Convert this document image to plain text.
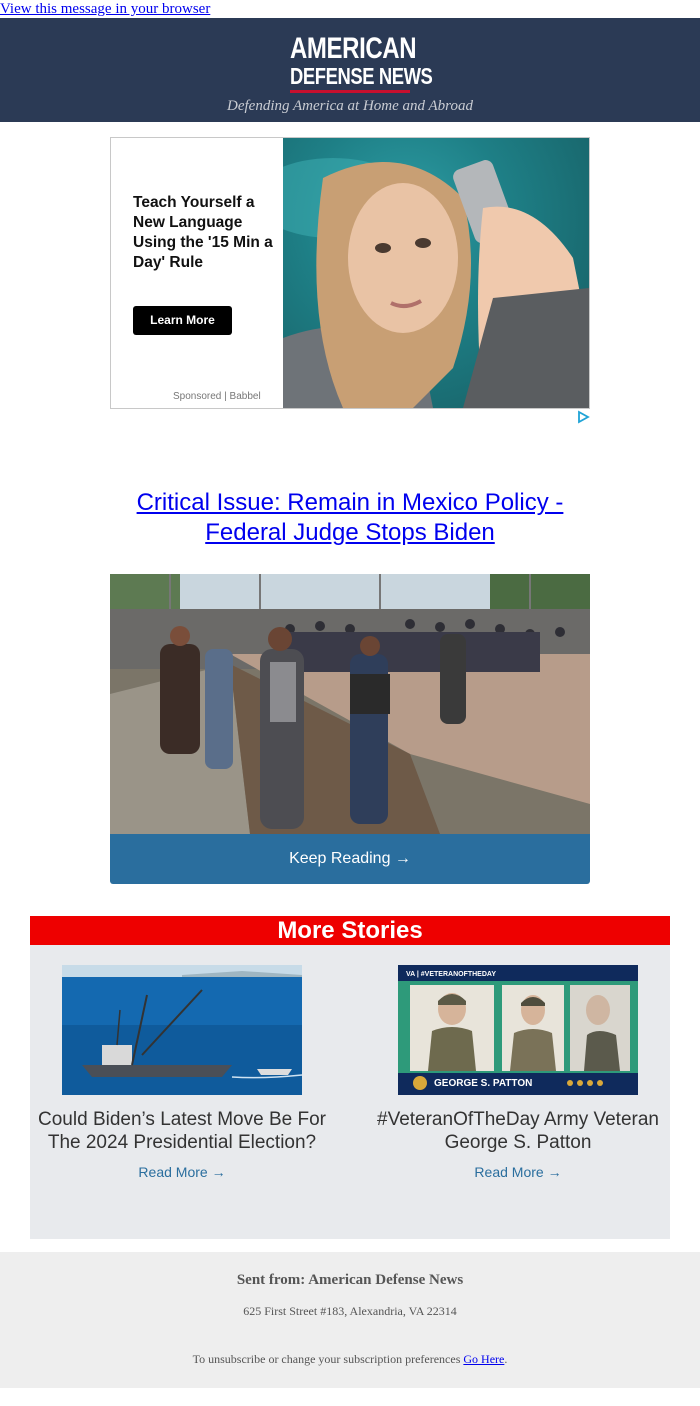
View this message in your browser
AMERICAN
DEFENSE NEWS
Defending America at Home and Abroad
Teach Yourself a New Language Using the '15 Min a Day' Rule
Learn More
Sponsored | Babbel
Critical Issue: Remain in Mexico Policy - Federal Judge Stops Biden
Keep Reading →
More Stories
Could Biden’s Latest Move Be For The 2024 Presidential Election?
Read More →
VA | #VETERANOFTHEDAY
GEORGE S. PATTON
#VeteranOfTheDay Army Veteran George S. Patton
Read More →
Sent from: American Defense News
625 First Street #183, Alexandria, VA 22314
To unsubscribe or change your subscription preferences Go Here.
